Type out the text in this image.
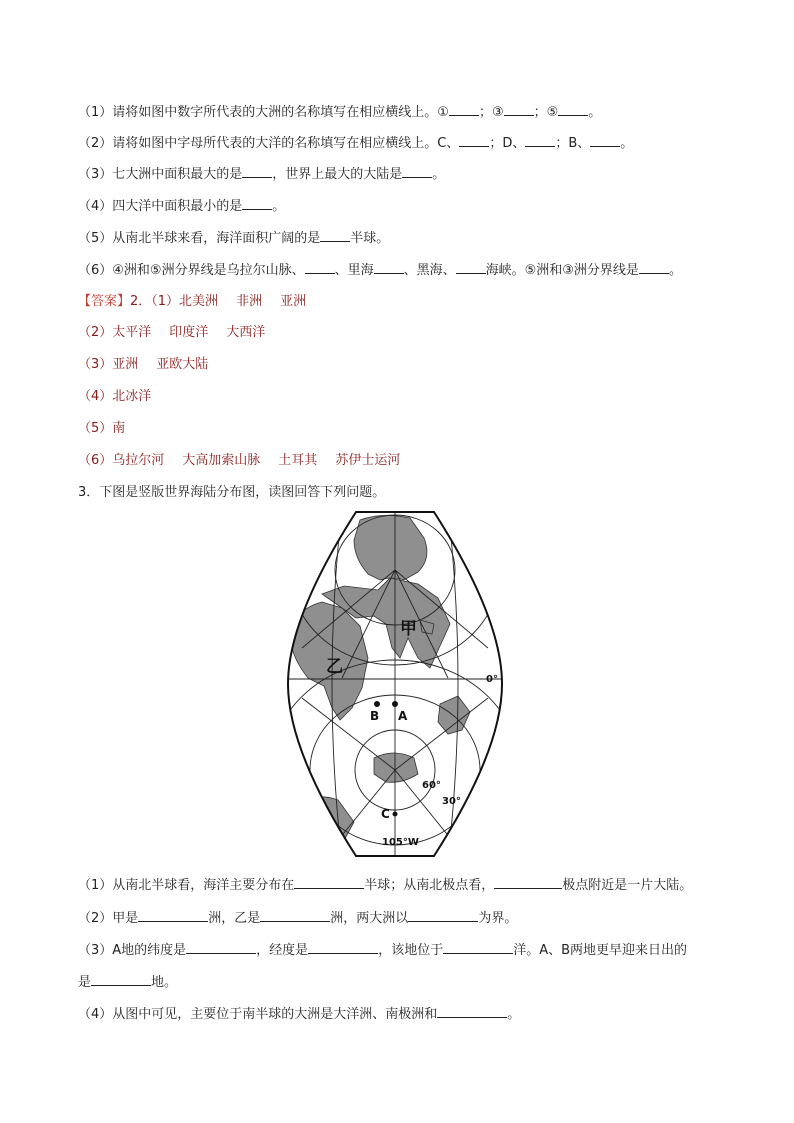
（1）请将如图中数字所代表的大洲的名称填写在相应横线上。① ；③ ；⑤ 。
（2）请将如图中字母所代表的大洋的名称填写在相应横线上。C、 ；D、 ；B、 。
（3）七大洲中面积最大的是 ，世界上最大的大陆是 。
（4）四大洋中面积最小的是 。
（5）从南北半球来看，海洋面积广阔的是 半球。
（6）④洲和⑤洲分界线是乌拉尔山脉、 、里海 、黑海、 海峡。⑤洲和③洲分界线是 。
【答案】2．（1）北美洲 非洲 亚洲
（2）太平洋 印度洋 大西洋
（3）亚洲 亚欧大陆
（4）北冰洋
（5）南
（6）乌拉尔河 大高加索山脉 土耳其 苏伊士运河
3．下图是竖版世界海陆分布图，读图回答下列问题。
甲
乙
B A
C
0°
60°
30°
105°W
（1）从南北半球看，海洋主要分布在	半球；从南北极点看，	极点附近是一片大陆。
（2）甲是	洲，乙是	洲，两大洲以	为界。
（3）A地的纬度是	，经度是	，该地位于	洋。A、B两地更早迎来日出的
是	地。
（4）从图中可见，主要位于南半球的大洲是大洋洲、南极洲和	。
